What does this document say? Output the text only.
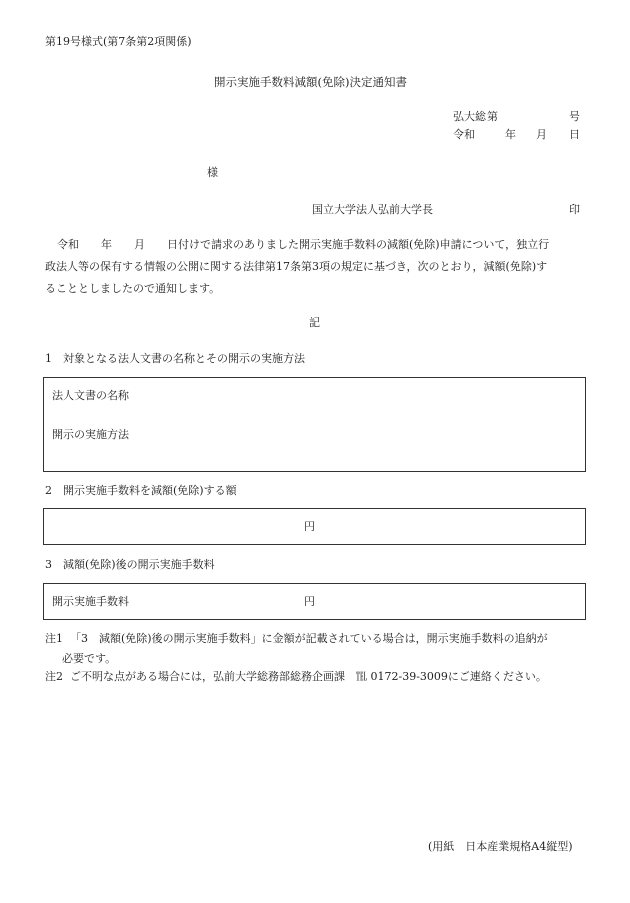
第19号様式(第7条第2項関係)
開示実施手数料減額(免除)決定通知書
弘大総 第	号
令和	年 月 日
様
国立大学法人弘前大学長	印
令和 年 月 日付けで請求のありました開示実施手数料の減額(免除)申請について，独立行
政法人等の保有する情報の公開に関する法律第17条第3項の規定に基づき，次のとおり，減額(免除)す
ることとしましたので通知します。
記
1　対象となる法人文書の名称とその開示の実施方法
法人文書の名称
開示の実施方法
2　開示実施手数料を減額(免除)する額
円
3　減額(免除)後の開示実施手数料
開示実施手数料	円
注1 「3　減額(免除)後の開示実施手数料」に金額が記載されている場合は，開示実施手数料の追納が
必要です。
注2 ご不明な点がある場合には，弘前大学総務部総務企画課　℡ 0172-39-3009にご連絡ください。
(用紙　日本産業規格A4縦型)
